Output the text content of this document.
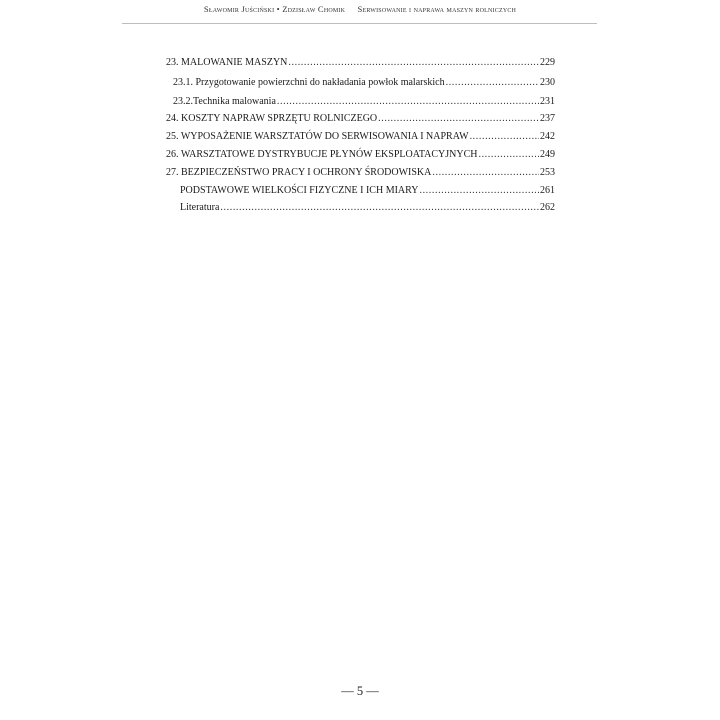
Sławomir Juściński • Zdzisław Chomik Serwisowanie i naprawa maszyn rolniczych
23. MALOWANIE MASZYN .....	229
23.1. Przygotowanie powierzchni do nakładania powłok malarskich .....	230
23.2.Technika malowania .....	231
24. KOSZTY NAPRAW SPRZĘTU ROLNICZEGO .....	237
25. WYPOSAŻENIE WARSZTATÓW DO SERWISOWANIA I NAPRAW .....	242
26. WARSZTATOWE DYSTRYBUCJE PŁYNÓW EKSPLOATACYJNYCH .....	249
27. BEZPIECZEŃSTWO PRACY I OCHRONY ŚRODOWISKA .....	253
PODSTAWOWE WIELKOŚCI FIZYCZNE I ICH MIARY .....	261
Literatura .....	262
— 5 —
